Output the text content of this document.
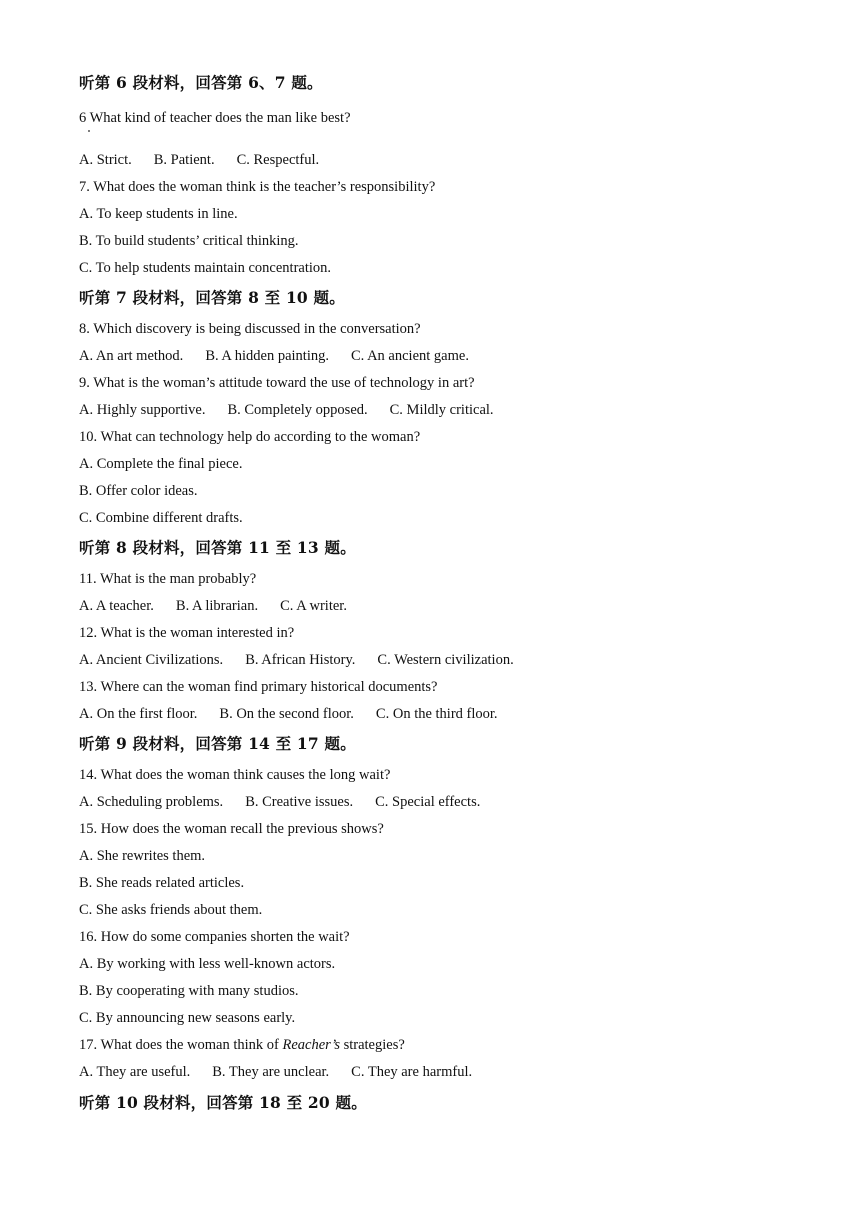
听第 6 段材料，回答第 6、7 题。
6 What kind of teacher does the man like best?
A. Strict. B. Patient. C. Respectful.
7. What does the woman think is the teacher’s responsibility?
A. To keep students in line.
B. To build students’ critical thinking.
C. To help students maintain concentration.
听第 7 段材料，回答第 8 至 10 题。
8. Which discovery is being discussed in the conversation?
A. An art method. B. A hidden painting. C. An ancient game.
9. What is the woman’s attitude toward the use of technology in art?
A. Highly supportive. B. Completely opposed. C. Mildly critical.
10. What can technology help do according to the woman?
A. Complete the final piece.
B. Offer color ideas.
C. Combine different drafts.
听第 8 段材料，回答第 11 至 13 题。
11. What is the man probably?
A. A teacher. B. A librarian. C. A writer.
12. What is the woman interested in?
A. Ancient Civilizations. B. African History. C. Western civilization.
13. Where can the woman find primary historical documents?
A. On the first floor. B. On the second floor. C. On the third floor.
听第 9 段材料，回答第 14 至 17 题。
14. What does the woman think causes the long wait?
A. Scheduling problems. B. Creative issues. C. Special effects.
15. How does the woman recall the previous shows?
A. She rewrites them.
B. She reads related articles.
C. She asks friends about them.
16. How do some companies shorten the wait?
A. By working with less well-known actors.
B. By cooperating with many studios.
C. By announcing new seasons early.
17. What does the woman think of Reacher’s strategies?
A. They are useful. B. They are unclear. C. They are harmful.
听第 10 段材料，回答第 18 至 20 题。
